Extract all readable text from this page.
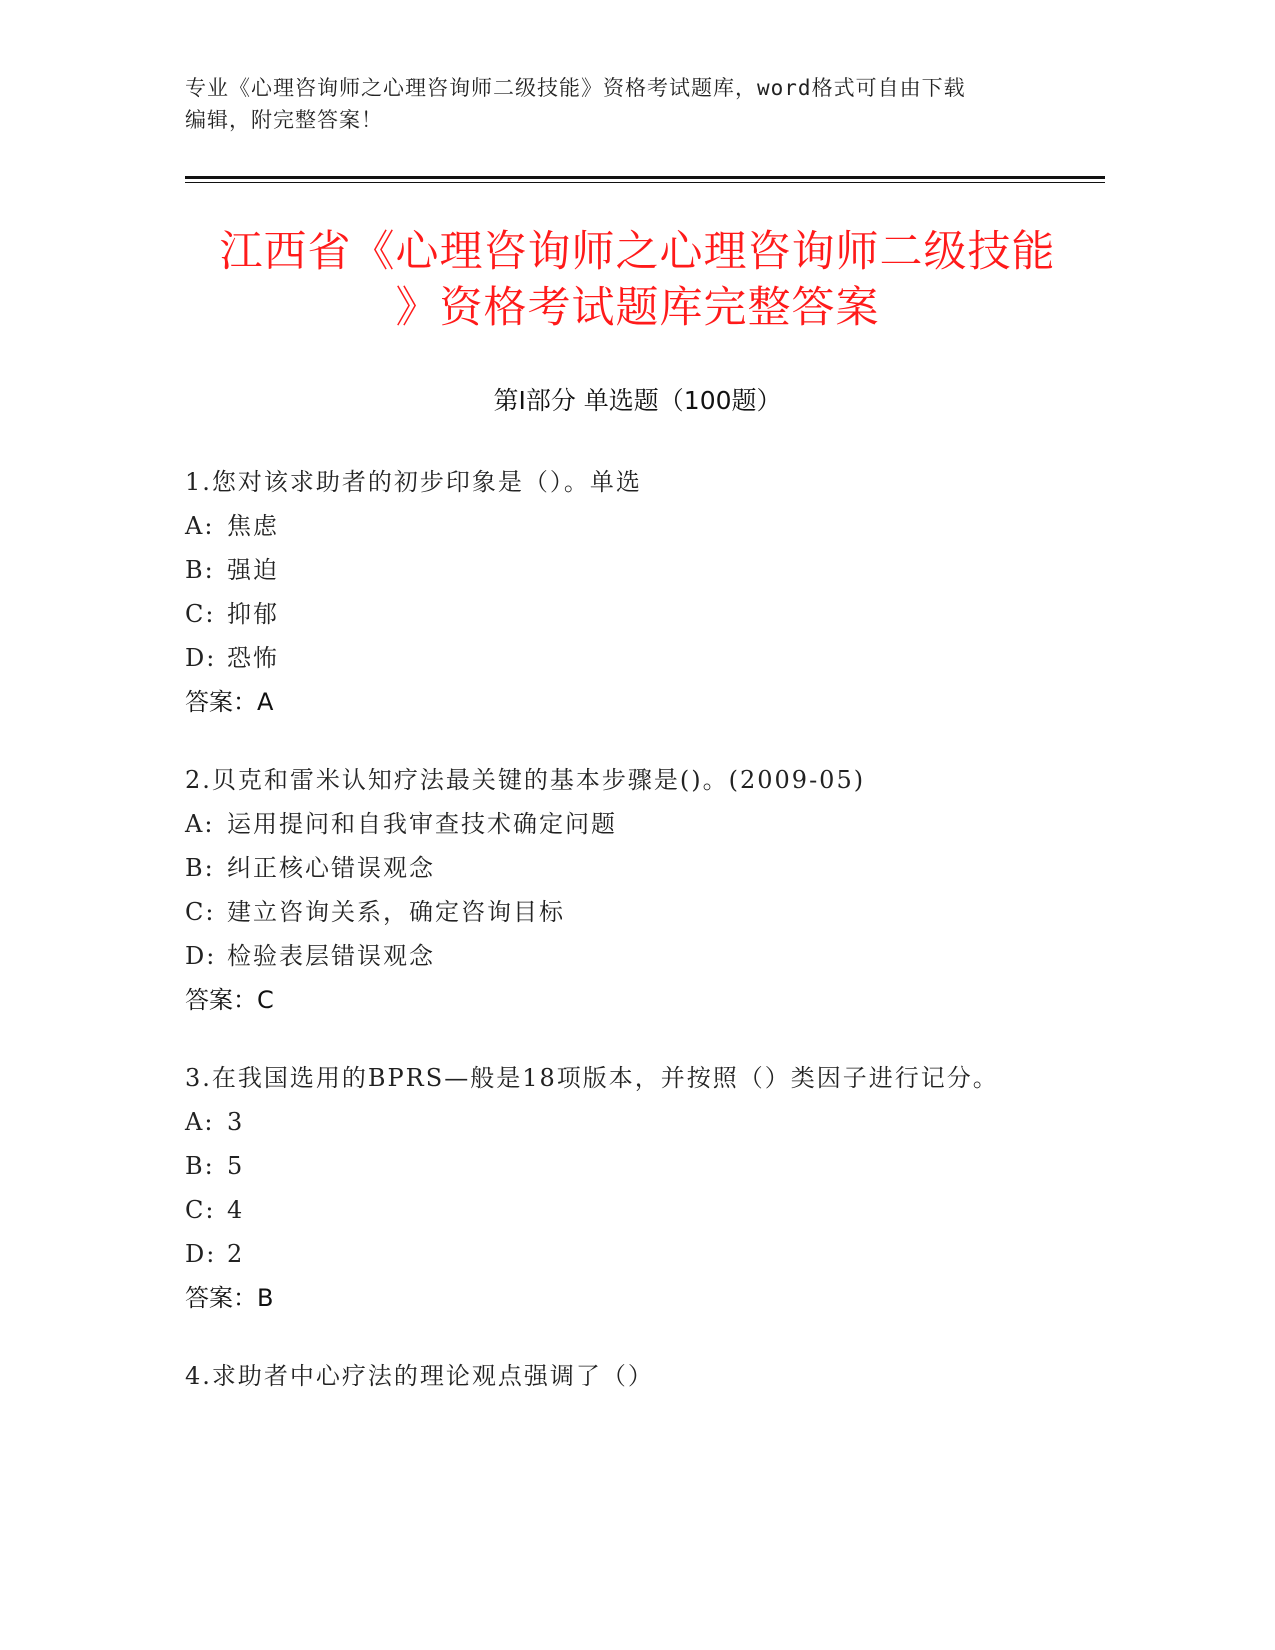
专业《心理咨询师之心理咨询师二级技能》资格考试题库，word格式可自由下载
编辑，附完整答案！
江西省《心理咨询师之心理咨询师二级技能
》资格考试题库完整答案
第Ⅰ部分 单选题（100题）
1.您对该求助者的初步印象是（）。单选
A: 焦虑
B: 强迫
C: 抑郁
D: 恐怖
答案：A
2.贝克和雷米认知疗法最关键的基本步骤是()。(2009-05)
A: 运用提问和自我审查技术确定问题
B: 纠正核心错误观念
C: 建立咨询关系，确定咨询目标
D: 检验表层错误观念
答案：C
3.在我国选用的BPRS—般是18项版本，并按照（）类因子进行记分。
A: 3
B: 5
C: 4
D: 2
答案：B
4.求助者中心疗法的理论观点强调了（）
